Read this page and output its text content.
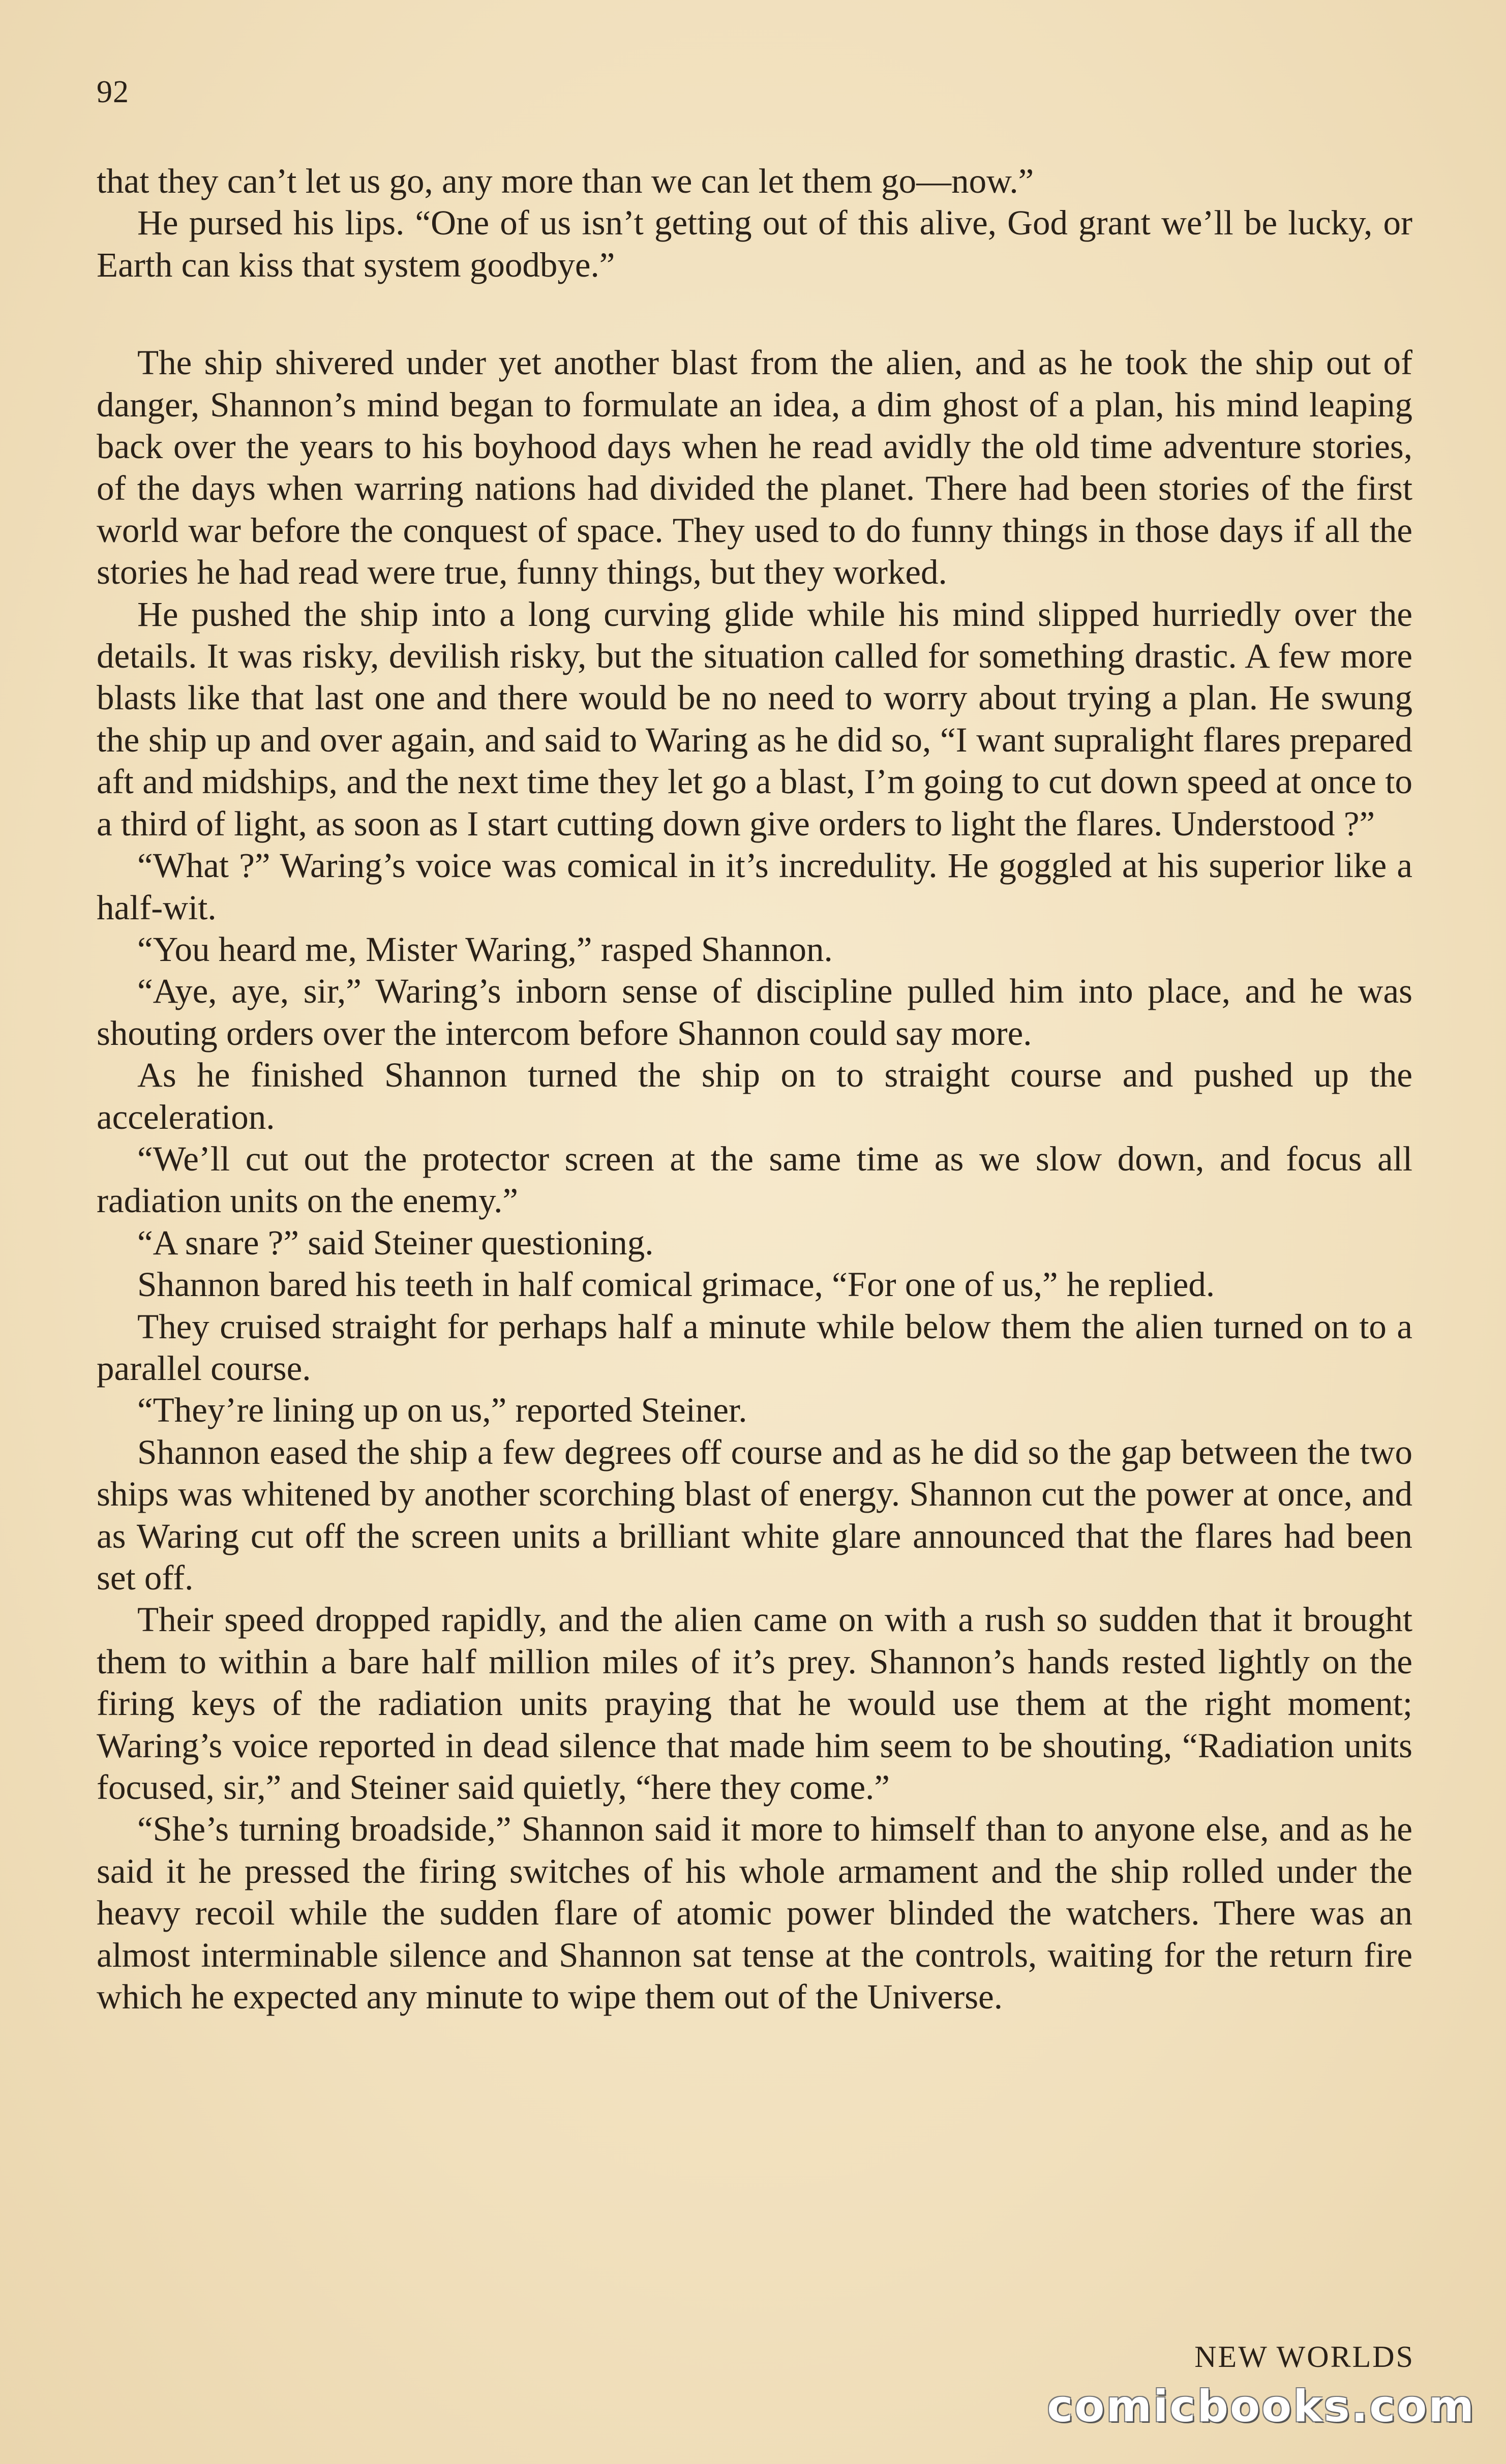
92

that they can’t let us go, any more than we can let them go—now.”

He pursed his lips. “One of us isn’t getting out of this alive, God grant we’ll be lucky, or Earth can kiss that system goodbye.”

The ship shivered under yet another blast from the alien, and as he took the ship out of danger, Shannon’s mind began to formulate an idea, a dim ghost of a plan, his mind leaping back over the years to his boyhood days when he read avidly the old time adventure stories, of the days when warring nations had divided the planet. There had been stories of the first world war before the conquest of space. They used to do funny things in those days if all the stories he had read were true, funny things, but they worked.

He pushed the ship into a long curving glide while his mind slipped hurriedly over the details. It was risky, devilish risky, but the situation called for something drastic. A few more blasts like that last one and there would be no need to worry about trying a plan. He swung the ship up and over again, and said to Waring as he did so, “I want supralight flares prepared aft and midships, and the next time they let go a blast, I’m going to cut down speed at once to a third of light, as soon as I start cutting down give orders to light the flares. Understood ?”

“What ?” Waring’s voice was comical in it’s incredulity. He goggled at his superior like a half-wit.

“You heard me, Mister Waring,” rasped Shannon.

“Aye, aye, sir,” Waring’s inborn sense of discipline pulled him into place, and he was shouting orders over the intercom before Shannon could say more.

As he finished Shannon turned the ship on to straight course and pushed up the acceleration.

“We’ll cut out the protector screen at the same time as we slow down, and focus all radiation units on the enemy.”

“A snare ?” said Steiner questioning.

Shannon bared his teeth in half comical grimace, “For one of us,” he replied.

They cruised straight for perhaps half a minute while below them the alien turned on to a parallel course.

“They’re lining up on us,” reported Steiner.

Shannon eased the ship a few degrees off course and as he did so the gap between the two ships was whitened by another scorching blast of energy. Shannon cut the power at once, and as Waring cut off the screen units a brilliant white glare announced that the flares had been set off.

Their speed dropped rapidly, and the alien came on with a rush so sudden that it brought them to within a bare half million miles of it’s prey. Shannon’s hands rested lightly on the firing keys of the radiation units praying that he would use them at the right moment; Waring’s voice reported in dead silence that made him seem to be shouting, “Radiation units focused, sir,” and Steiner said quietly, “here they come.”

“She’s turning broadside,” Shannon said it more to himself than to anyone else, and as he said it he pressed the firing switches of his whole armament and the ship rolled under the heavy recoil while the sudden flare of atomic power blinded the watchers. There was an almost interminable silence and Shannon sat tense at the controls, waiting for the return fire which he expected any minute to wipe them out of the Universe.

NEW WORLDS
comicbooks.com
